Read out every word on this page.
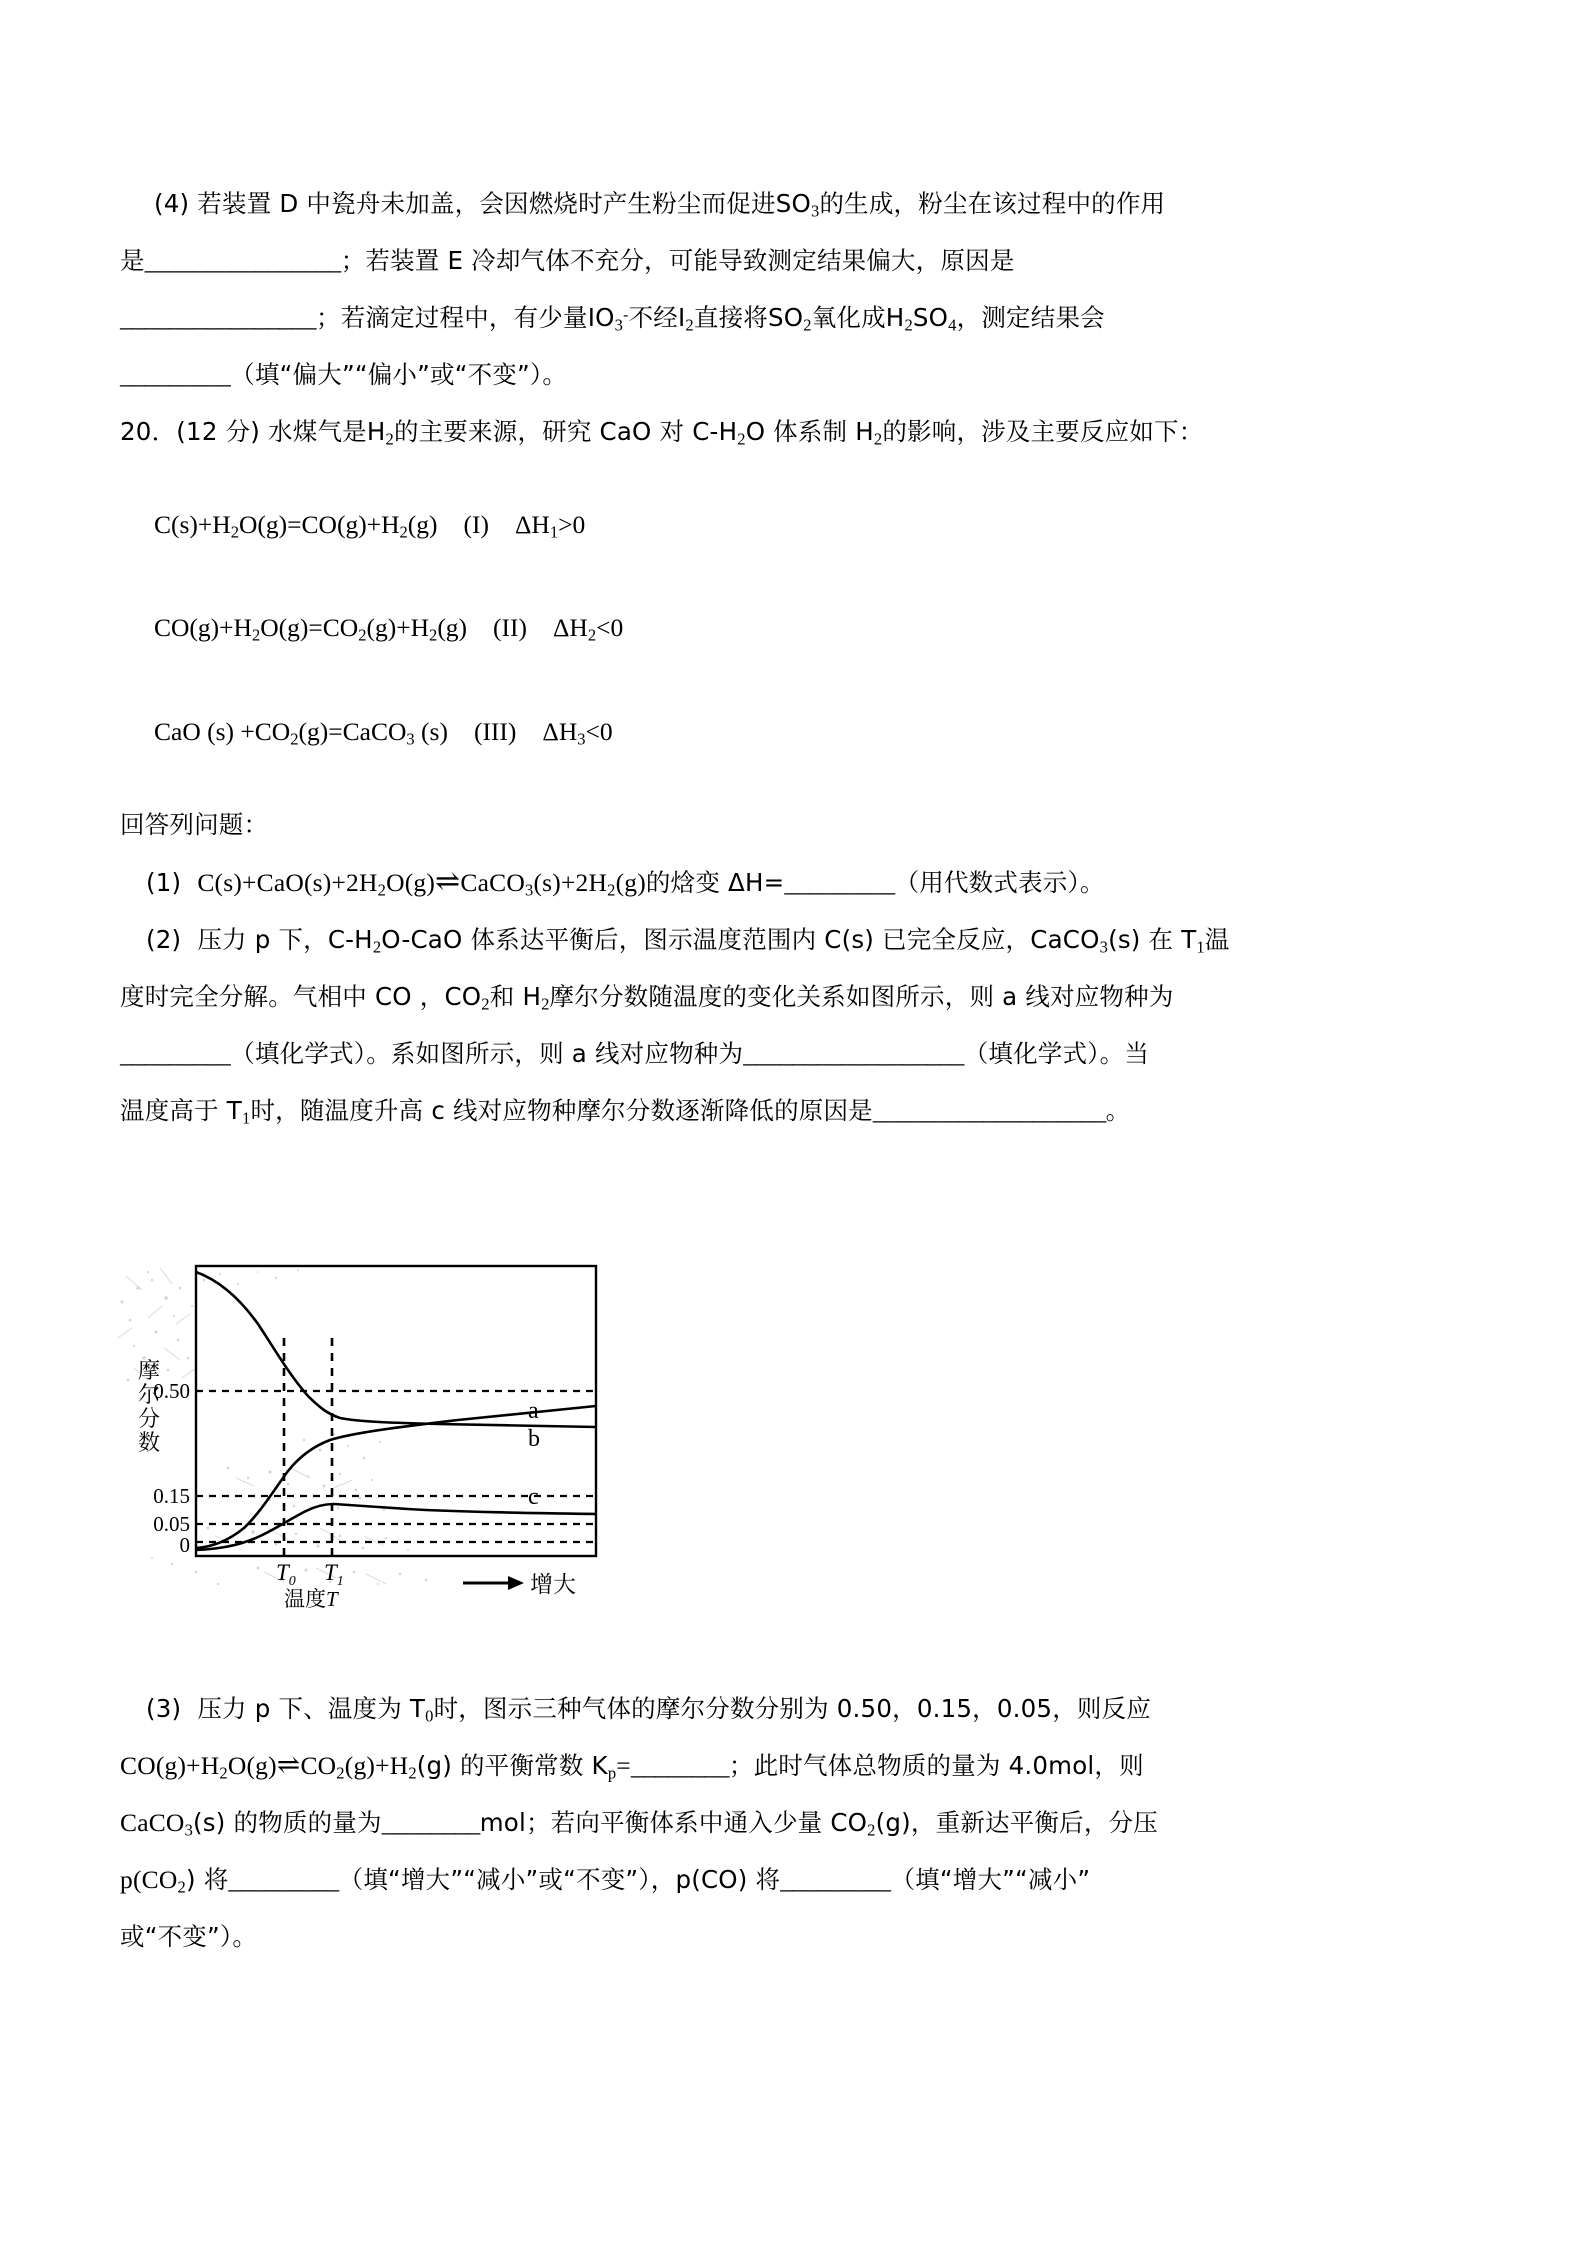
(4) 若装置 D 中瓷舟未加盖，会因燃烧时产生粉尘而促进$SO_3$的生成，粉尘在该过程中的作用

是________________；若装置 E 冷却气体不充分，可能导致测定结果偏大，原因是

________________；若滴定过程中，有少量$IO_3^-$不经$I_2$直接将$SO_2$氧化成$H_2SO_4$，测定结果会

_________（填“偏大”“偏小”或“不变”）。

20．(12 分) 水煤气是$H_2$的主要来源，研究 CaO 对 $C-H_2O$ 体系制 $H_2$的影响，涉及主要反应如下：

$C(s)+H_2O(g)=CO(g)+H_2(g)$ (I) $\Delta H_1>0$

$CO(g)+H_2O(g)=CO_2(g)+H_2(g)$ (II) $\Delta H_2<0$

CaO $(s) +CO_2(g)=CaCO_3$ (s) (III) $\Delta H_3<0$

回答列问题：

(1) $C(s)+CaO(s)+2H_2O(g)\rightleftharpoons CaCO_3(s)+2H_2(g)$的焓变 ΔH=_________（用代数式表示）。

(2) 压力 p 下，$C-H_2O$-CaO 体系达平衡后，图示温度范围内 C(s) 已完全反应，CaCO$_3$(s) 在 $T_1$温

度时完全分解。气相中 CO ，$CO_2$和 $H_2$摩尔分数随温度的变化关系如图所示，则 a 线对应物种为

_________（填化学式）。系如图所示，则 a 线对应物种为__________________（填化学式）。当

温度高于 $T_1$时，随温度升高 c 线对应物种摩尔分数逐渐降低的原因是___________________。

摩 尔 分 数
a
b
c
0.50
0.15
0.05
0
$T_0$ $T_1$
温度T
增大

(3) 压力 p 下、温度为 $T_0$时，图示三种气体的摩尔分数分别为 0.50，0.15，0.05，则反应

$CO(g)+H_2O(g)\rightleftharpoons CO_2(g)+H_2(g)$ 的平衡常数 $K_p=\_\_\_\_\_\_\_\_$；此时气体总物质的量为 4.0mol，则

CaCO$_3$(s) 的物质的量为________mol；若向平衡体系中通入少量 $CO_2(g)$，重新达平衡后，分压

$p(CO_2)$ 将_________（填“增大”“减小”或“不变”），p(CO) 将_________（填“增大”“减小”

或“不变”）。
